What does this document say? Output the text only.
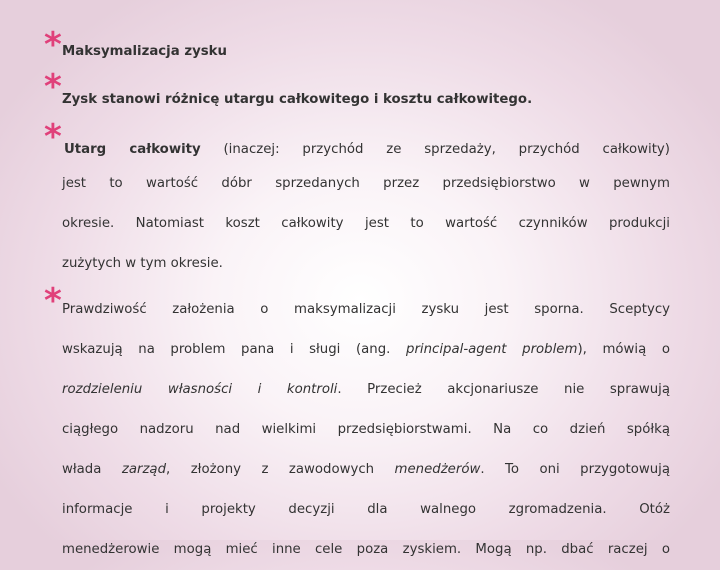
* Maksymalizacja zysku
* Zysk stanowi różnicę utargu całkowitego i kosztu całkowitego.
* Utarg całkowity (inaczej: przychód ze sprzedaży, przychód całkowity)
jest to wartość dóbr sprzedanych przez przedsiębiorstwo w pewnym
okresie. Natomiast koszt całkowity jest to wartość czynników produkcji
zużytych w tym okresie.
* Prawdziwość założenia o maksymalizacji zysku jest sporna. Sceptycy
wskazują na problem pana i sługi (ang. principal-agent problem), mówią o
rozdzieleniu własności i kontroli. Przecież akcjonariusze nie sprawują
ciągłego nadzoru nad wielkimi przedsiębiorstwami. Na co dzień spółką
włada zarząd, złożony z zawodowych menedżerów. To oni przygotowują
informacje i projekty decyzji dla walnego zgromadzenia. Otóż
menedżerowie mogą mieć inne cele poza zyskiem. Mogą np. dbać raczej o
